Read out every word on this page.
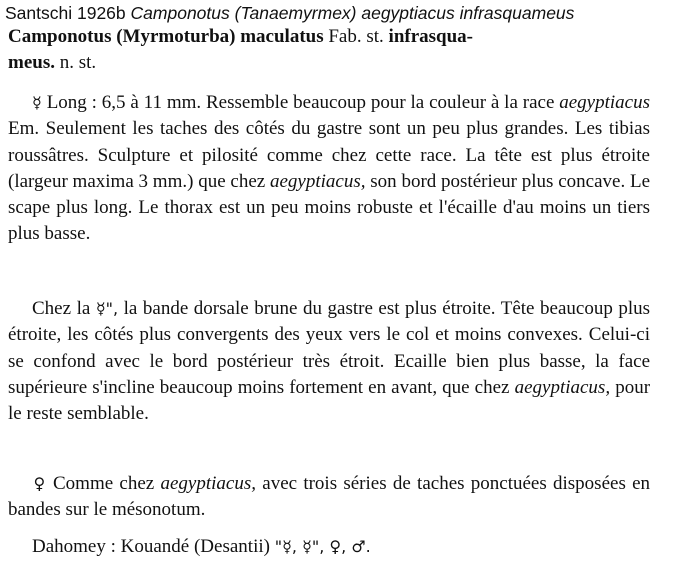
Santschi 1926b Camponotus (Tanaemyrmex) aegyptiacus infrasquameus
Camponotus (Myrmoturba) maculatus Fab. st. infrasqua-
meus. n. st.
☿ Long : 6,5 à 11 mm. Ressemble beaucoup pour la couleur à la race aegyptiacus Em. Seulement les taches des côtés du gastre sont un peu plus grandes. Les tibias roussâtres. Sculpture et pilosité comme chez cette race. La tête est plus étroite (largeur maxima 3 mm.) que chez aegyptiacus, son bord postérieur plus concave. Le scape plus long. Le thorax est un peu moins robuste et l'écaille d'au moins un tiers plus basse.
Chez la ☿", la bande dorsale brune du gastre est plus étroite. Tête beaucoup plus étroite, les côtés plus convergents des yeux vers le col et moins convexes. Celui-ci se confond avec le bord postérieur très étroit. Ecaille bien plus basse, la face supérieure s'incline beaucoup moins fortement en avant, que chez aegyptiacus, pour le reste semblable.
♀ Comme chez aegyptiacus, avec trois séries de taches ponctuées disposées en bandes sur le mésonotum.
Dahomey : Kouandé (Desantii) "☿, ☿", ♀, ♂.
